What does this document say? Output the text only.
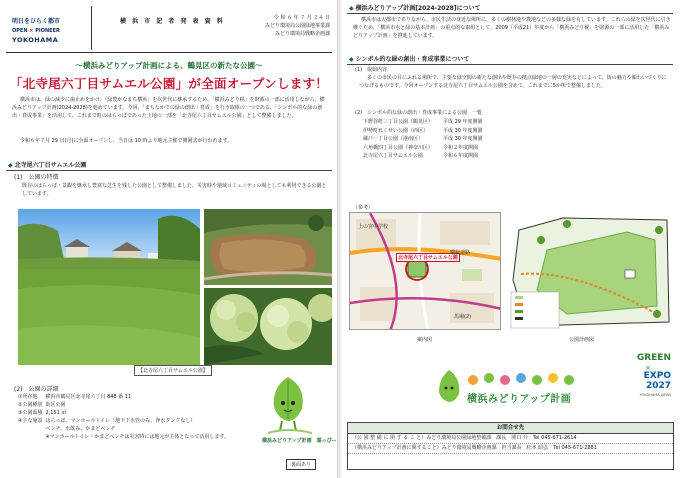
明日をひらく都市
OPEN × PIONEER
YOKOHAMA
横 浜 市 記 者 発 表 資 料	令 和 ６ 年 ７ 月 ２４ 日
みどり環境局公園緑地事業課
みどり環境局戦略企画課
～横浜みどりアップ計画による、鶴見区の新たな公園～
「北寺尾六丁目サムエル公園」が全面オープンします！
横浜市は、緑の減少に歯止めをかけ、「緑豊かなまち横浜」を次世代に継承するため、「横浜みどり税」を財源の一部に活用しながら、横浜みどりアップ計画(2024-2028)を進めています。今回、「まちなかでの緑の創出・育成」を行う取組の一つである、「シンボル的な緑の創出・育成事業」を活用して、これまで町のはらっぱであった土地の一部を「北寺尾六丁目サムエル公園」として整備しました。
令和６年７月 29 日(月)に全面オープンし、当日は 10 時より地元主催で開園式が行われます。
◆ 北寺尾六丁目サムエル公園
(1)　公園の特徴
既存のはらっぱ・景観を継承し豊富な芝生を残した公園として整備しました。災害時や地域コミュニティの場としても利用できる公園としています。
【北寺尾六丁目サムエル公園】
(2)　公園の詳細
①所在地	横浜市鶴見区北寺尾六丁目 848 番 11
②公園種別	街区公園
③公園面積	2,151 ㎡
④主な施設	はらっぱ、マンホールトイレ（地下下水管のみ、浄水タンクなし）
	ベンチ、水飲み、かまどベンチ
	※マンホールトイレ・かまどベンチは災害時には地元が主体となって活用します。
横浜みどりアップ計画　葉っぴー
裏面あり
◆ 横浜みどりアップ計画[2024-2028]について
横浜市は大都市でありながら、市民生活の身近な場所に、多くの樹林地や農地などの多様な緑を有しています。これらの緑を次世代に引き継ぐため、「横浜市水と緑の基本計画」の重点的な取組として、2009（平成21）年度から「横浜みどり税」を財源の一部に活用した「横浜みどりアップ計画」を推進しています。
◆ シンボル的な緑の創出・育成事業について
(1)　取組内容
多くの市民の目にふれる場所で、主要な緑空間の新たな創出や既存の拠点緑地の一層の充実などによって、街の魅力や賑わいづくりにつなげるものです。今回オープンする北寺尾六丁目サムエル公園を含めて、これまでに5か所で整備しました。
(2)　シンボル的な緑の創出・育成事業による公園　一覧
下野谷町三丁目公園（鶴見区）	平成 29 年度開園
伊勢町れくせい公園（西区）	平成 30 年度開園
蔵戸一丁目公園（港南区）	平成 30 年度開園
六角橋四丁目公園（神奈川区）	令和２年度開園
北寺尾六丁目サムエル公園	令和６年度開園
（参考）
北寺尾六丁目サムエル公園
上の宮中学校
環状道路
馬場(2)
案内図	公園計画図
GREEN
×
EXPO
2027
YOKOHAMA JAPAN
横浜みどりアップ計画
お問合せ先
（公 園 整 備 に 関 す る こ と）みどり環境局公園緑地整備課　課長　関口 升　Tel 045-671-2614
（横浜みどりアップ計画に関すること）みどり環境局戦略企画課　担当課長　松本 昭弘　Tel 045-671-2881
